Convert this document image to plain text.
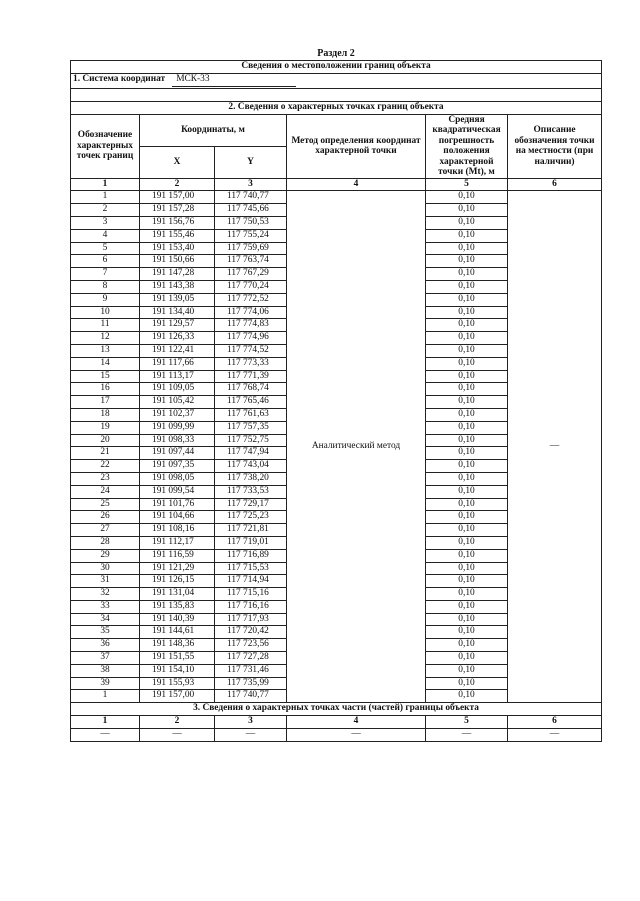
Раздел 2
Сведения о местоположении границ объекта					
1. Система координат МСК-33					

2. Сведения о характерных точках границ объекта					
Обозначение характерных точек границ	Координаты, м		Метод определения координат характерной точки	Средняя квадратическая погрешность положения характерной точки (Mt), м	Описание обозначения точки на местности (при наличии)
	X	Y			
1	2	3	4	5	6
1	191 157,00	117 740,77	Аналитический метод	0,10	—
2	191 157,28	117 745,66		0,10	
3	191 156,76	117 750,53		0,10	
4	191 155,46	117 755,24		0,10	
5	191 153,40	117 759,69		0,10	
6	191 150,66	117 763,74		0,10	
7	191 147,28	117 767,29		0,10	
8	191 143,38	117 770,24		0,10	
9	191 139,05	117 772,52		0,10	
10	191 134,40	117 774,06		0,10	
11	191 129,57	117 774,83		0,10	
12	191 126,33	117 774,96		0,10	
13	191 122,41	117 774,52		0,10	
14	191 117,66	117 773,33		0,10	
15	191 113,17	117 771,39		0,10	
16	191 109,05	117 768,74		0,10	
17	191 105,42	117 765,46		0,10	
18	191 102,37	117 761,63		0,10	
19	191 099,99	117 757,35		0,10	
20	191 098,33	117 752,75		0,10	
21	191 097,44	117 747,94		0,10	
22	191 097,35	117 743,04		0,10	
23	191 098,05	117 738,20		0,10	
24	191 099,54	117 733,53		0,10	
25	191 101,76	117 729,17		0,10	
26	191 104,66	117 725,23		0,10	
27	191 108,16	117 721,81		0,10	
28	191 112,17	117 719,01		0,10	
29	191 116,59	117 716,89		0,10	
30	191 121,29	117 715,53		0,10	
31	191 126,15	117 714,94		0,10	
32	191 131,04	117 715,16		0,10	
33	191 135,83	117 716,16		0,10	
34	191 140,39	117 717,93		0,10	
35	191 144,61	117 720,42		0,10	
36	191 148,36	117 723,56		0,10	
37	191 151,55	117 727,28		0,10	
38	191 154,10	117 731,46		0,10	
39	191 155,93	117 735,99		0,10	
1	191 157,00	117 740,77		0,10	
3. Сведения о характерных точках части (частей) границы объекта					
1	2	3	4	5	6
—	—	—	—	—	—
